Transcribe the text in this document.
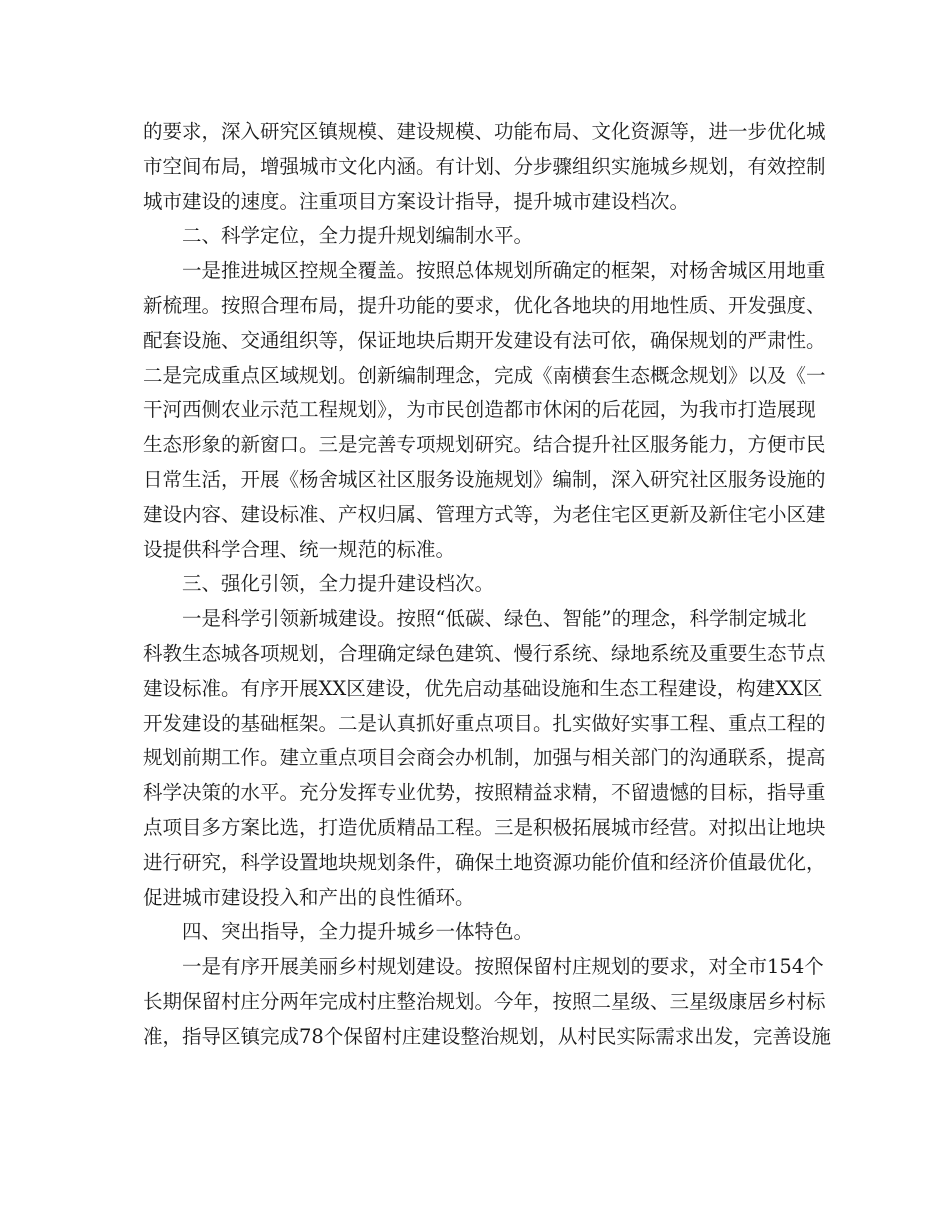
的要求，深入研究区镇规模、建设规模、功能布局、文化资源等，进一步优化城
市空间布局，增强城市文化内涵。有计划、分步骤组织实施城乡规划，有效控制
城市建设的速度。注重项目方案设计指导，提升城市建设档次。
二、科学定位，全力提升规划编制水平。
一是推进城区控规全覆盖。按照总体规划所确定的框架，对杨舍城区用地重
新梳理。按照合理布局，提升功能的要求，优化各地块的用地性质、开发强度、
配套设施、交通组织等，保证地块后期开发建设有法可依，确保规划的严肃性。
二是完成重点区域规划。创新编制理念，完成《南横套生态概念规划》以及《一
干河西侧农业示范工程规划》，为市民创造都市休闲的后花园，为我市打造展现
生态形象的新窗口。三是完善专项规划研究。结合提升社区服务能力，方便市民
日常生活，开展《杨舍城区社区服务设施规划》编制，深入研究社区服务设施的
建设内容、建设标准、产权归属、管理方式等，为老住宅区更新及新住宅小区建
设提供科学合理、统一规范的标准。
三、强化引领，全力提升建设档次。
一是科学引领新城建设。按照“低碳、绿色、智能”的理念，科学制定城北
科教生态城各项规划，合理确定绿色建筑、慢行系统、绿地系统及重要生态节点
建设标准。有序开展XX区建设，优先启动基础设施和生态工程建设，构建XX区
开发建设的基础框架。二是认真抓好重点项目。扎实做好实事工程、重点工程的
规划前期工作。建立重点项目会商会办机制，加强与相关部门的沟通联系，提高
科学决策的水平。充分发挥专业优势，按照精益求精，不留遗憾的目标，指导重
点项目多方案比选，打造优质精品工程。三是积极拓展城市经营。对拟出让地块
进行研究，科学设置地块规划条件，确保土地资源功能价值和经济价值最优化，
促进城市建设投入和产出的良性循环。
四、突出指导，全力提升城乡一体特色。
一是有序开展美丽乡村规划建设。按照保留村庄规划的要求，对全市154个
长期保留村庄分两年完成村庄整治规划。今年，按照二星级、三星级康居乡村标
准，指导区镇完成78个保留村庄建设整治规划，从村民实际需求出发，完善设施
